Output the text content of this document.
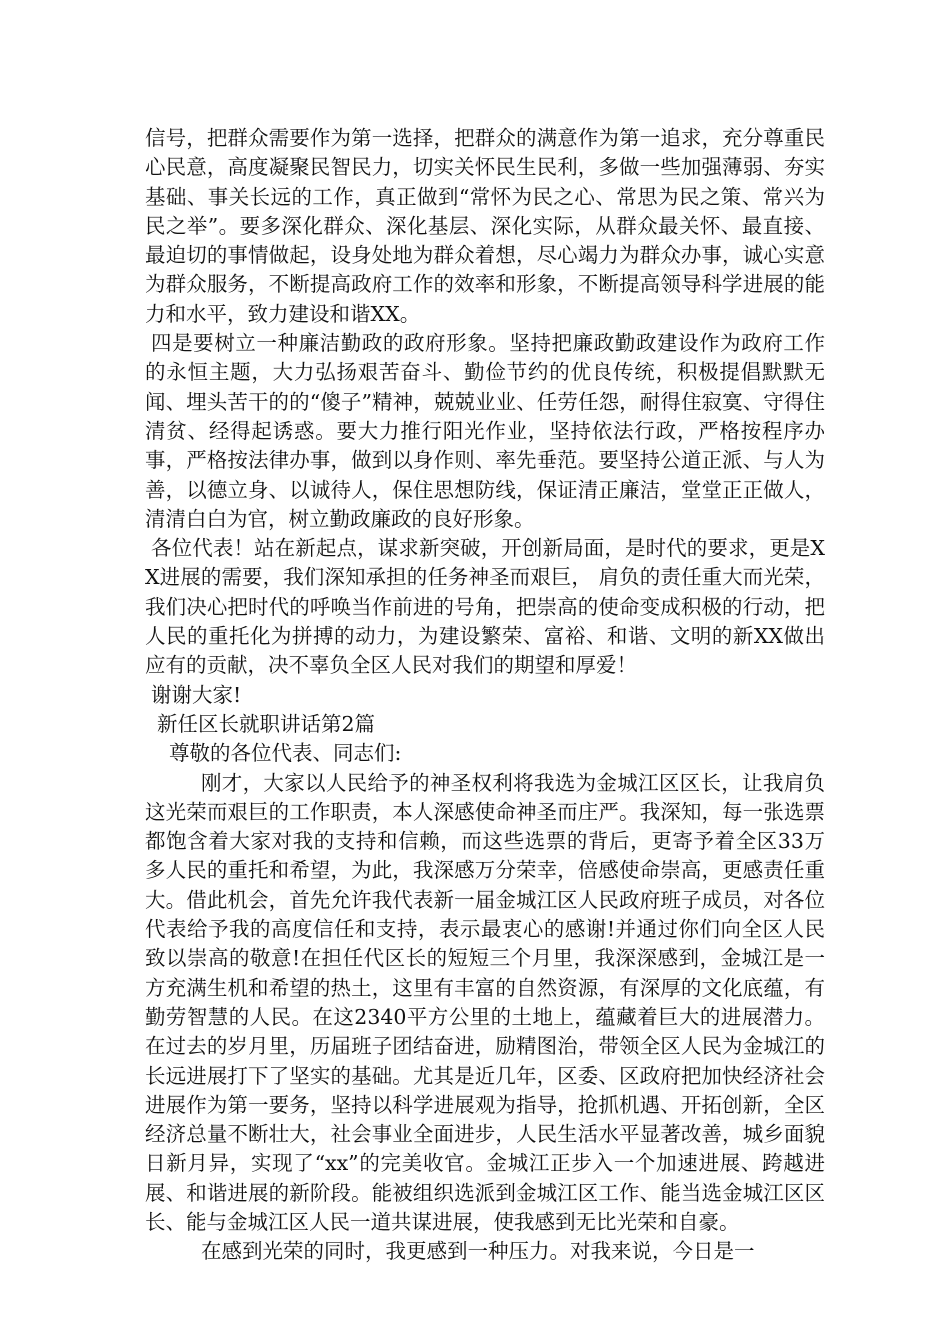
信号，把群众需要作为第一选择，把群众的满意作为第一追求，充分尊重民心民意，高度凝聚民智民力，切实关怀民生民利，多做一些加强薄弱、夯实基础、事关长远的工作，真正做到“常怀为民之心、常思为民之策、常兴为民之举”。要多深化群众、深化基层、深化实际，从群众最关怀、最直接、最迫切的事情做起，设身处地为群众着想，尽心竭力为群众办事，诚心实意为群众服务，不断提高政府工作的效率和形象，不断提高领导科学进展的能力和水平，致力建设和谐XX。

四是要树立一种廉洁勤政的政府形象。坚持把廉政勤政建设作为政府工作的永恒主题，大力弘扬艰苦奋斗、勤俭节约的优良传统，积极提倡默默无闻、埋头苦干的的“傻子”精神，兢兢业业、任劳任怨，耐得住寂寞、守得住清贫、经得起诱惑。要大力推行阳光作业，坚持依法行政，严格按程序办事，严格按法律办事，做到以身作则、率先垂范。要坚持公道正派、与人为善，以德立身、以诚待人，保住思想防线，保证清正廉洁，堂堂正正做人，清清白白为官，树立勤政廉政的良好形象。

各位代表！站在新起点，谋求新突破，开创新局面，是时代的要求，更是XX进展的需要，我们深知承担的任务神圣而艰巨， 肩负的责任重大而光荣，我们决心把时代的呼唤当作前进的号角，把崇高的使命变成积极的行动，把人民的重托化为拼搏的动力，为建设繁荣、富裕、和谐、文明的新XX做出应有的贡献，决不辜负全区人民对我们的期望和厚爱！

谢谢大家!

新任区长就职讲话第2篇

尊敬的各位代表、同志们:

刚才，大家以人民给予的神圣权利将我选为金城江区区长，让我肩负这光荣而艰巨的工作职责，本人深感使命神圣而庄严。我深知，每一张选票都饱含着大家对我的支持和信赖，而这些选票的背后，更寄予着全区33万多人民的重托和希望，为此，我深感万分荣幸，倍感使命崇高，更感责任重大。借此机会，首先允许我代表新一届金城江区人民政府班子成员，对各位代表给予我的高度信任和支持，表示最衷心的感谢!并通过你们向全区人民致以崇高的敬意!在担任代区长的短短三个月里，我深深感到，金城江是一方充满生机和希望的热土，这里有丰富的自然资源，有深厚的文化底蕴，有勤劳智慧的人民。在这2340平方公里的土地上，蕴藏着巨大的进展潜力。在过去的岁月里，历届班子团结奋进，励精图治，带领全区人民为金城江的长远进展打下了坚实的基础。尤其是近几年，区委、区政府把加快经济社会进展作为第一要务，坚持以科学进展观为指导，抢抓机遇、开拓创新，全区经济总量不断壮大，社会事业全面进步，人民生活水平显著改善，城乡面貌日新月异，实现了“xx”的完美收官。金城江正步入一个加速进展、跨越进展、和谐进展的新阶段。能被组织选派到金城江区工作、能当选金城江区区长、能与金城江区人民一道共谋进展，使我感到无比光荣和自豪。

在感到光荣的同时，我更感到一种压力。对我来说，今日是一
